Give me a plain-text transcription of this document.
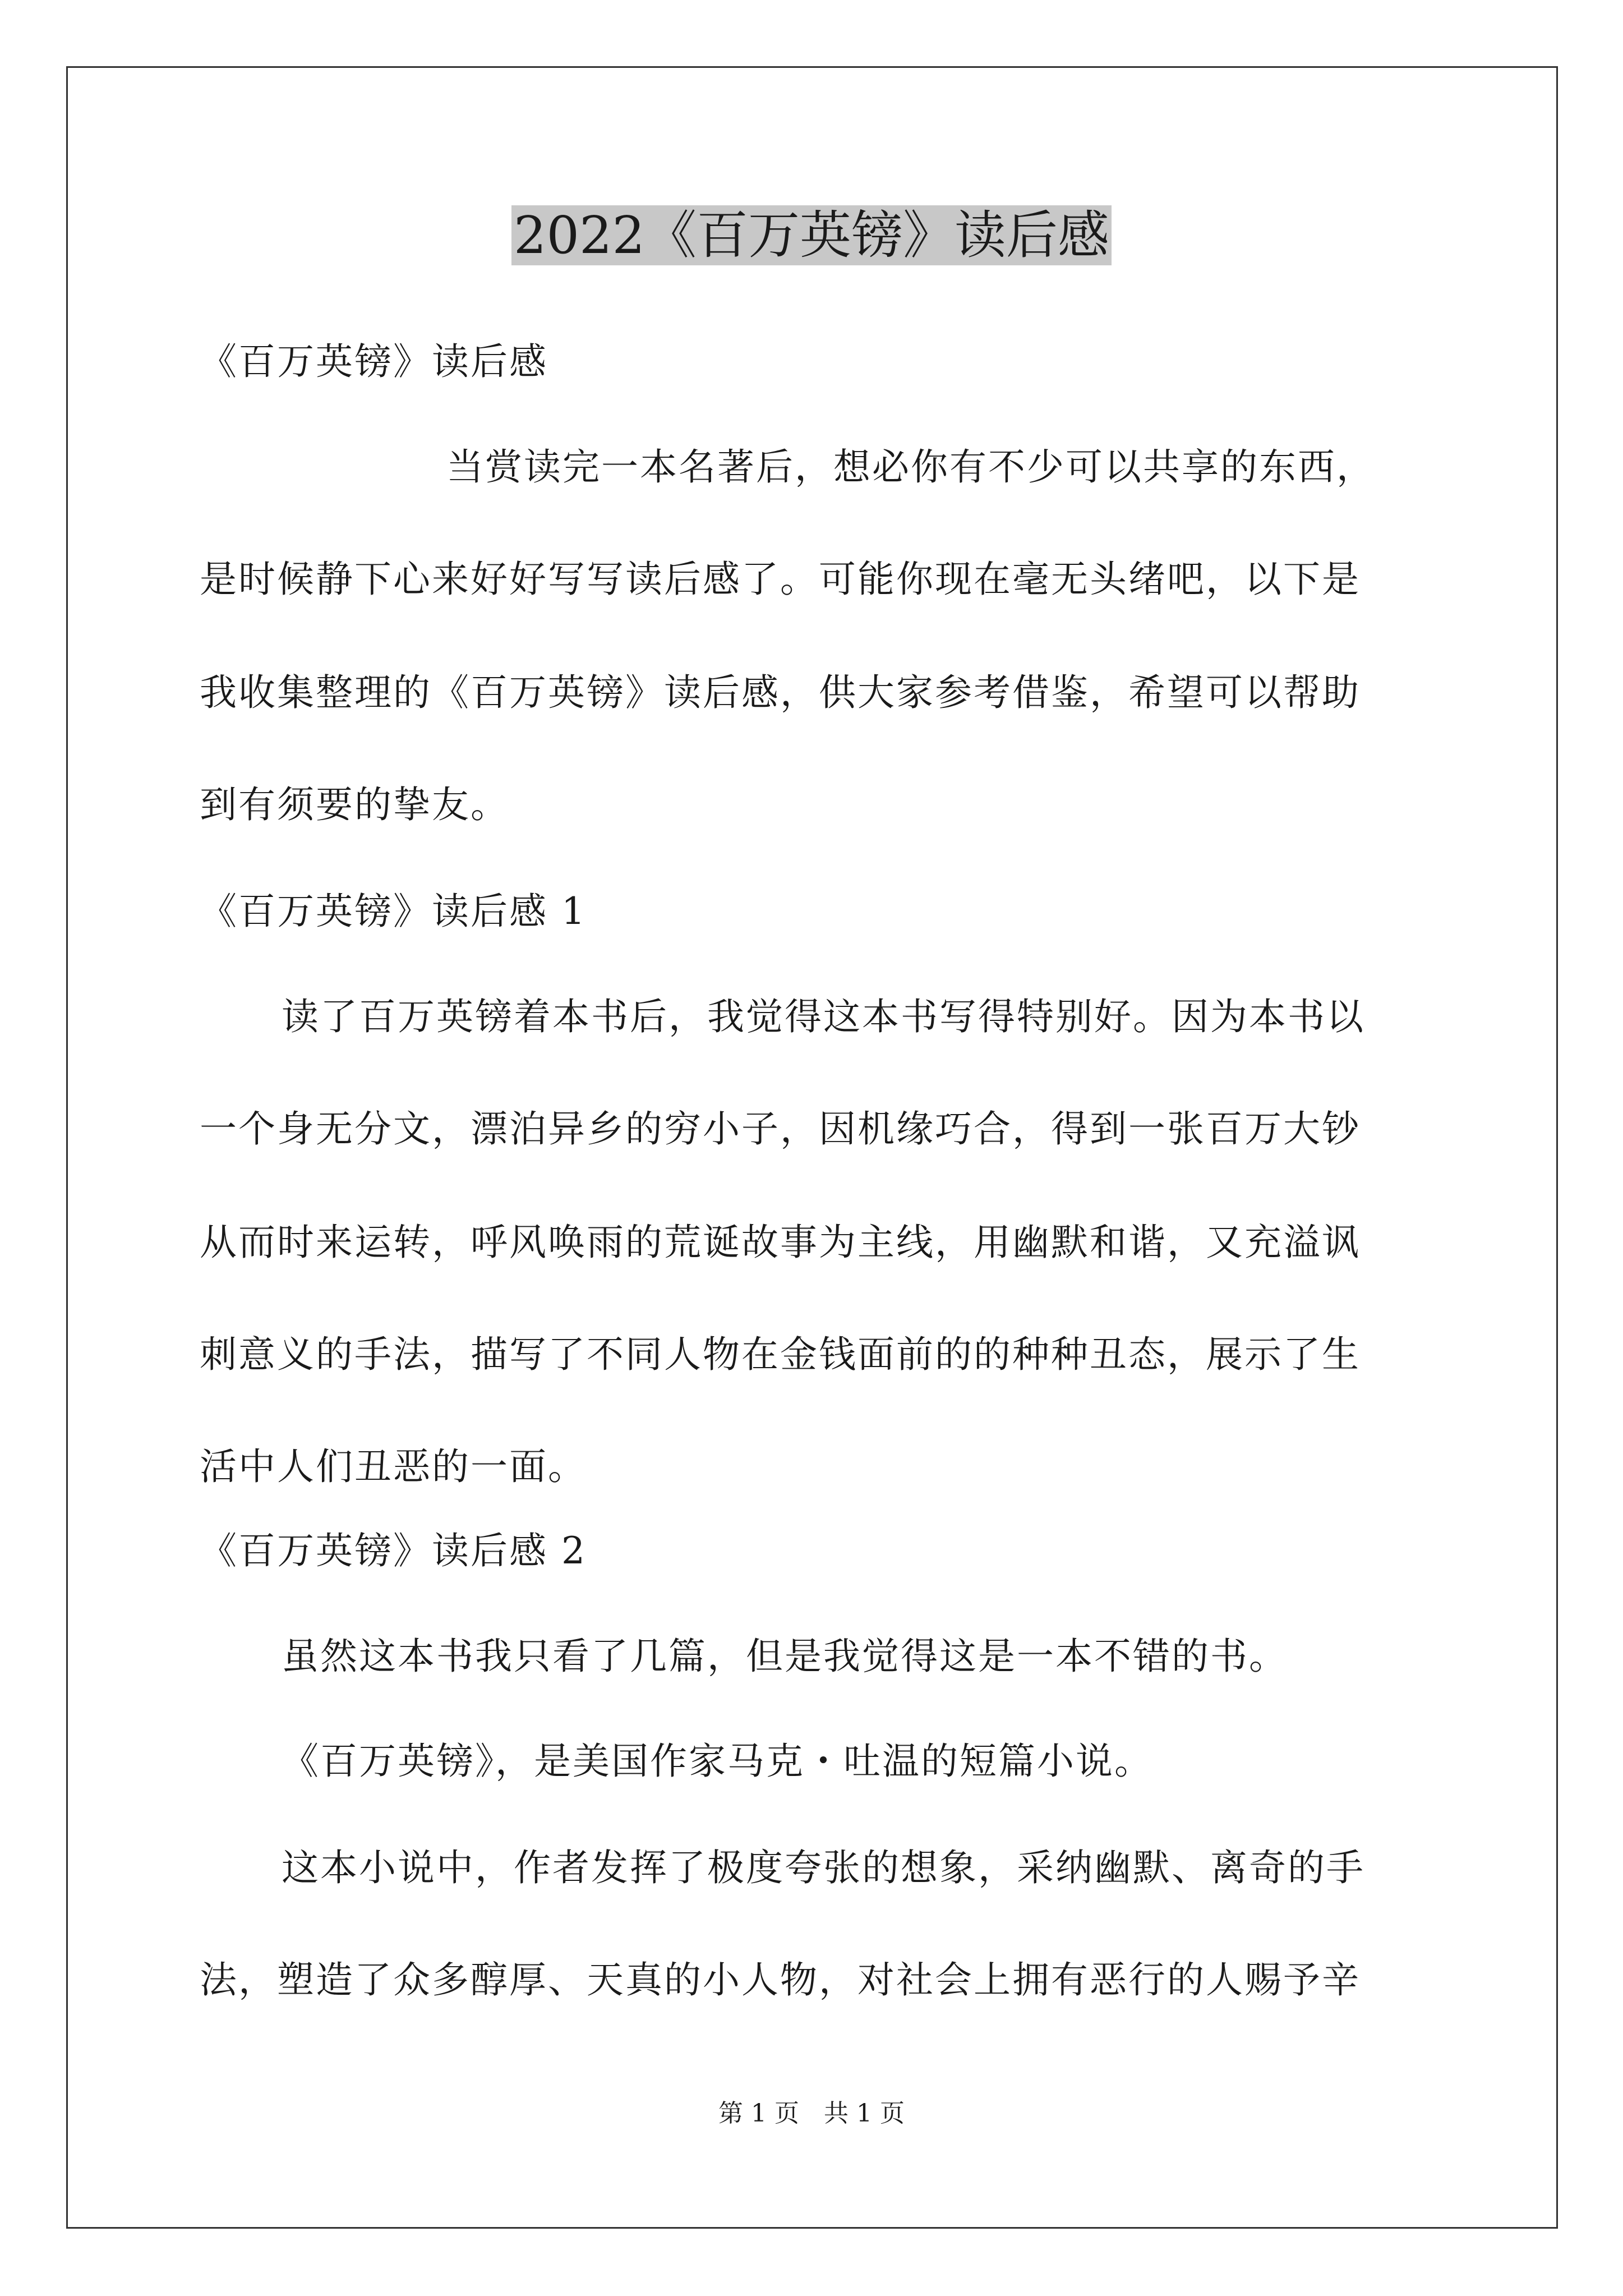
2022《百万英镑》读后感
《百万英镑》读后感
当赏读完一本名著后，想必你有不少可以共享的东西，
是时候静下心来好好写写读后感了。可能你现在毫无头绪吧，以下是
我收集整理的《百万英镑》读后感，供大家参考借鉴，希望可以帮助
到有须要的挚友。
《百万英镑》读后感 1
读了百万英镑着本书后，我觉得这本书写得特别好。因为本书以
一个身无分文，漂泊异乡的穷小子，因机缘巧合，得到一张百万大钞
从而时来运转，呼风唤雨的荒诞故事为主线，用幽默和谐，又充溢讽
刺意义的手法，描写了不同人物在金钱面前的的种种丑态，展示了生
活中人们丑恶的一面。
《百万英镑》读后感 2
虽然这本书我只看了几篇，但是我觉得这是一本不错的书。
《百万英镑》，是美国作家马克・吐温的短篇小说。
这本小说中，作者发挥了极度夸张的想象，采纳幽默、离奇的手
法，塑造了众多醇厚、天真的小人物，对社会上拥有恶行的人赐予辛
第 1 页　共 1 页
